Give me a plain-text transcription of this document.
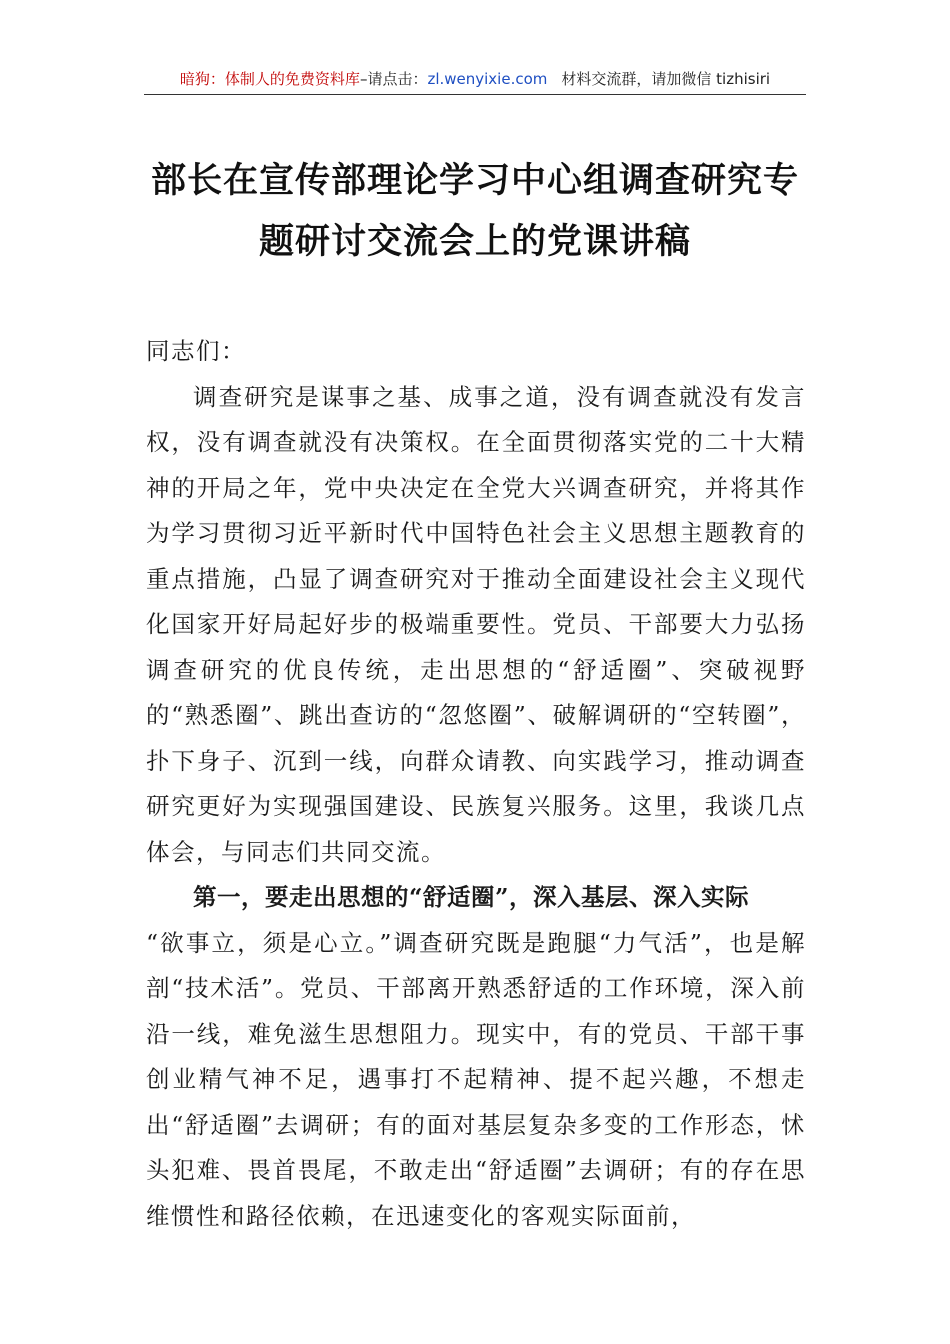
暗狗：体制人的免费资料库–请点击：zl.wenyixie.com 材料交流群，请加微信 tizhisiri
部长在宣传部理论学习中心组调查研究专
题研讨交流会上的党课讲稿

同志们：

调查研究是谋事之基、成事之道，没有调查就没有发言权，没有调查就没有决策权。在全面贯彻落实党的二十大精神的开局之年，党中央决定在全党大兴调查研究，并将其作为学习贯彻习近平新时代中国特色社会主义思想主题教育的重点措施，凸显了调查研究对于推动全面建设社会主义现代化国家开好局起好步的极端重要性。党员、干部要大力弘扬调查研究的优良传统，走出思想的“舒适圈”、突破视野的“熟悉圈”、跳出查访的“忽悠圈”、破解调研的“空转圈”，扑下身子、沉到一线，向群众请教、向实践学习，推动调查研究更好为实现强国建设、民族复兴服务。这里，我谈几点体会，与同志们共同交流。

第一，要走出思想的“舒适圈”，深入基层、深入实际

“欲事立，须是心立。”调查研究既是跑腿“力气活”，也是解剖“技术活”。党员、干部离开熟悉舒适的工作环境，深入前沿一线，难免滋生思想阻力。现实中，有的党员、干部干事创业精气神不足，遇事打不起精神、提不起兴趣，不想走出“舒适圈”去调研；有的面对基层复杂多变的工作形态，怵头犯难、畏首畏尾，不敢走出“舒适圈”去调研；有的存在思维惯性和路径依赖，在迅速变化的客观实际面前，
